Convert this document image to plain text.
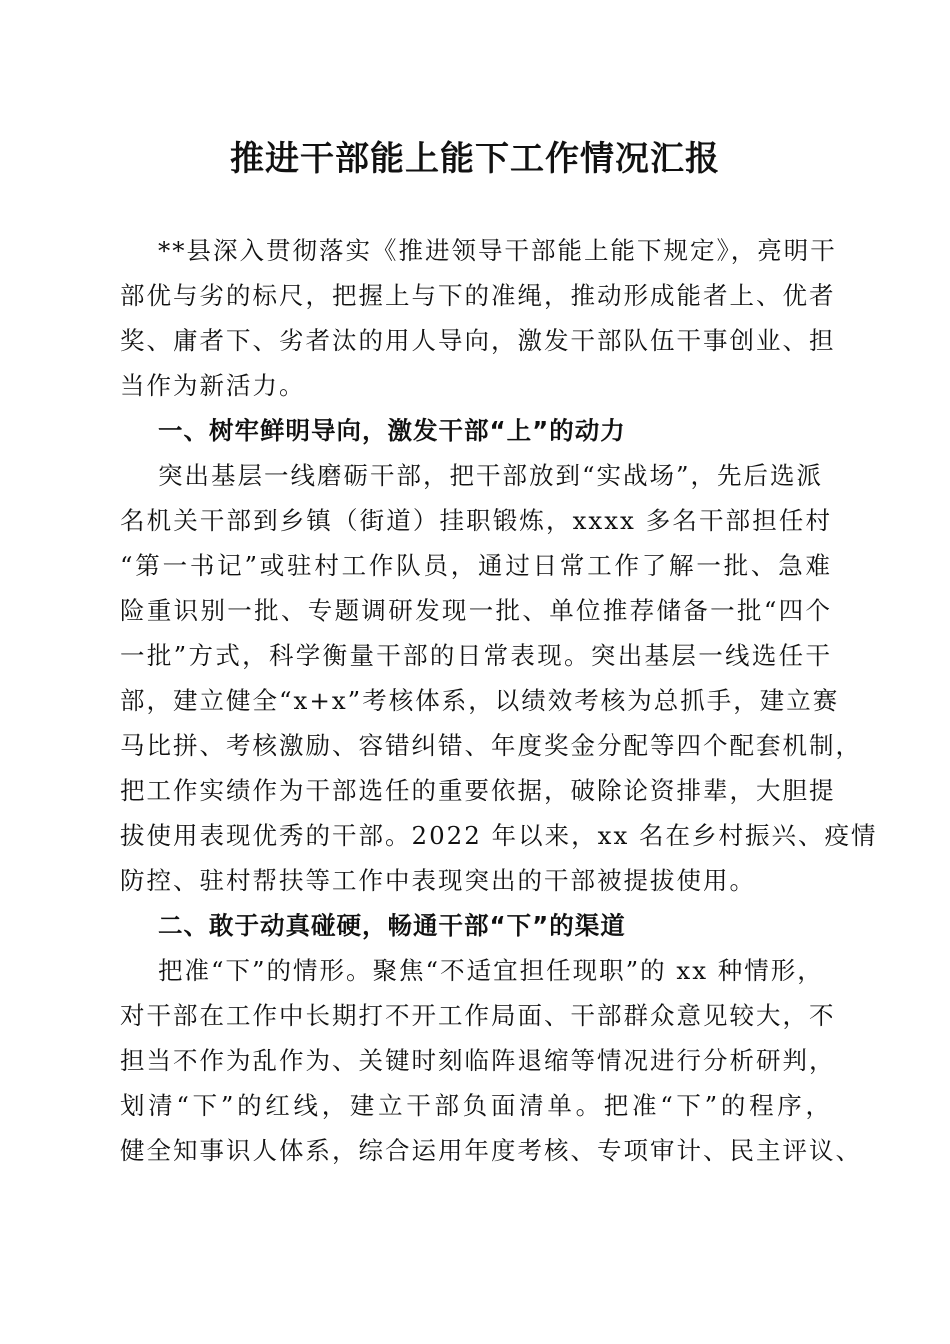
推进干部能上能下工作情况汇报
**县深入贯彻落实《推进领导干部能上能下规定》，亮明干
部优与劣的标尺，把握上与下的准绳，推动形成能者上、优者
奖、庸者下、劣者汰的用人导向，激发干部队伍干事创业、担
当作为新活力。
一、树牢鲜明导向，激发干部“上”的动力
突出基层一线磨砺干部，把干部放到“实战场”，先后选派
名机关干部到乡镇（街道）挂职锻炼，xxxx 多名干部担任村
“第一书记”或驻村工作队员，通过日常工作了解一批、急难
险重识别一批、专题调研发现一批、单位推荐储备一批“四个
一批”方式，科学衡量干部的日常表现。突出基层一线选任干
部，建立健全“x+x”考核体系，以绩效考核为总抓手，建立赛
马比拼、考核激励、容错纠错、年度奖金分配等四个配套机制，
把工作实绩作为干部选任的重要依据，破除论资排辈，大胆提
拔使用表现优秀的干部。2022 年以来，xx 名在乡村振兴、疫情
防控、驻村帮扶等工作中表现突出的干部被提拔使用。
二、敢于动真碰硬，畅通干部“下”的渠道
把准“下”的情形。聚焦“不适宜担任现职”的 xx 种情形，
对干部在工作中长期打不开工作局面、干部群众意见较大，不
担当不作为乱作为、关键时刻临阵退缩等情况进行分析研判，
划清“下”的红线，建立干部负面清单。把准“下”的程序，
健全知事识人体系，综合运用年度考核、专项审计、民主评议、
